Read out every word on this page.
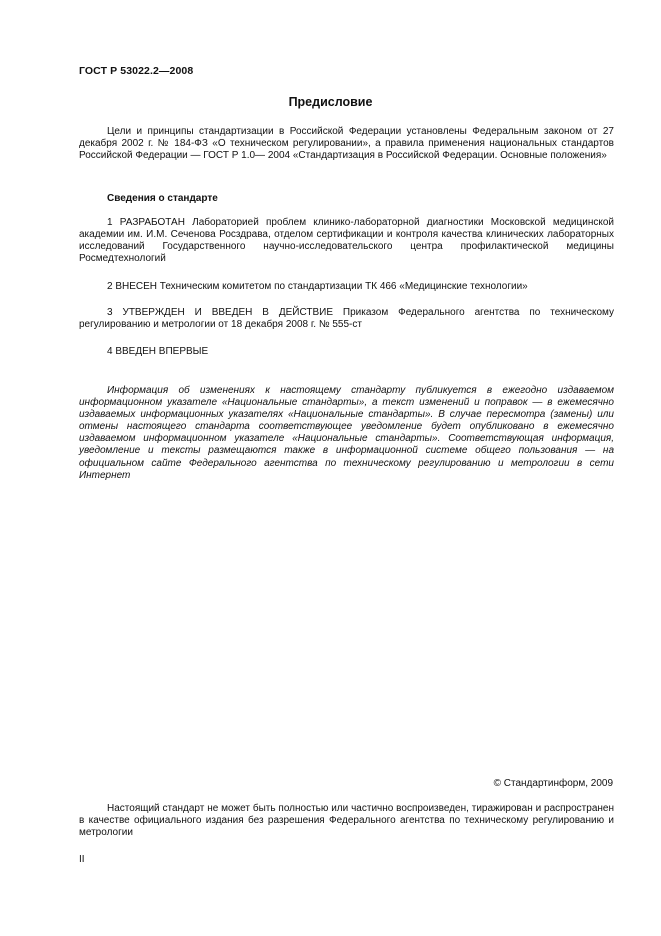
ГОСТ Р 53022.2—2008
Предисловие
Цели и принципы стандартизации в Российской Федерации установлены Федеральным законом от 27 декабря 2002 г. № 184-ФЗ «О техническом регулировании», а правила применения национальных стандартов Российской Федерации — ГОСТ Р 1.0— 2004 «Стандартизация в Российской Федерации. Основные положения»
Сведения о стандарте
1 РАЗРАБОТАН Лабораторией проблем клинико-лабораторной диагностики Московской медицинской академии им. И.М. Сеченова Росздрава, отделом сертификации и контроля качества клинических лабораторных исследований Государственного научно-исследовательского центра профилактической медицины Росмедтехнологий
2 ВНЕСЕН Техническим комитетом по стандартизации ТК 466 «Медицинские технологии»
3 УТВЕРЖДЕН И ВВЕДЕН В ДЕЙСТВИЕ Приказом Федерального агентства по техническому регулированию и метрологии от 18 декабря 2008 г. № 555-ст
4 ВВЕДЕН ВПЕРВЫЕ
Информация об изменениях к настоящему стандарту публикуется в ежегодно издаваемом информационном указателе «Национальные стандарты», а текст изменений и поправок — в ежемесячно издаваемых информационных указателях «Национальные стандарты». В случае пересмотра (замены) или отмены настоящего стандарта соответствующее уведомление будет опубликовано в ежемесячно издаваемом информационном указателе «Национальные стандарты». Соответствующая информация, уведомление и тексты размещаются также в информационной системе общего пользования — на официальном сайте Федерального агентства по техническому регулированию и метрологии в сети Интернет
© Стандартинформ, 2009
Настоящий стандарт не может быть полностью или частично воспроизведен, тиражирован и распространен в качестве официального издания без разрешения Федерального агентства по техническому регулированию и метрологии
II
